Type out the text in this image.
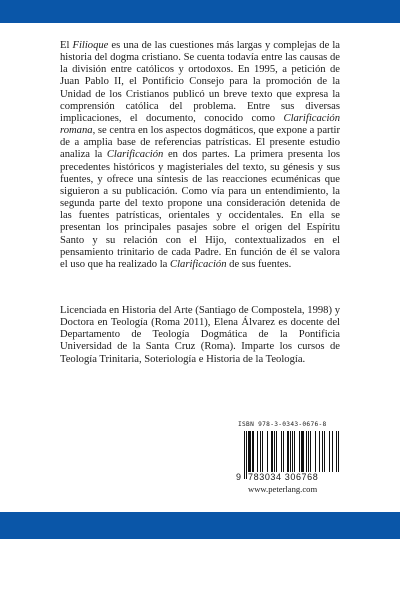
El Filioque es una de las cuestiones más largas y complejas de la historia del dogma cristiano. Se cuenta todavía entre las causas de la división entre católicos y ortodoxos. En 1995, a petición de Juan Pablo II, el Pontificio Consejo para la promoción de la Unidad de los Cristianos publicó un breve texto que expresa la comprensión católica del problema. Entre sus diversas implicaciones, el documento, conocido como Clarificación romana, se centra en los aspectos dogmáticos, que expone a partir de a amplia base de referencias patrísticas. El presente estudio analiza la Clarificación en dos partes. La primera presenta los precedentes históricos y magisteriales del texto, su génesis y sus fuentes, y ofrece una síntesis de las reacciones ecuménicas que siguieron a su publicación. Como vía para un entendimiento, la segunda parte del texto propone una consideración detenida de las fuentes patrísticas, orientales y occidentales. En ella se presentan los principales pasajes sobre el origen del Espíritu Santo y su relación con el Hijo, contextualizados en el pensamiento trinitario de cada Padre. En función de él se valora el uso que ha realizado la Clarificación de sus fuentes.

Licenciada en Historia del Arte (Santiago de Compostela, 1998) y Doctora en Teología (Roma 2011), Elena Álvarez es docente del Departamento de Teología Dogmática de la Pontificia Universidad de la Santa Cruz (Roma). Imparte los cursos de Teología Trinitaria, Soteriología e Historia de la Teología.

ISBN 978-3-0343-0676-8
9 783034 306768
www.peterlang.com
